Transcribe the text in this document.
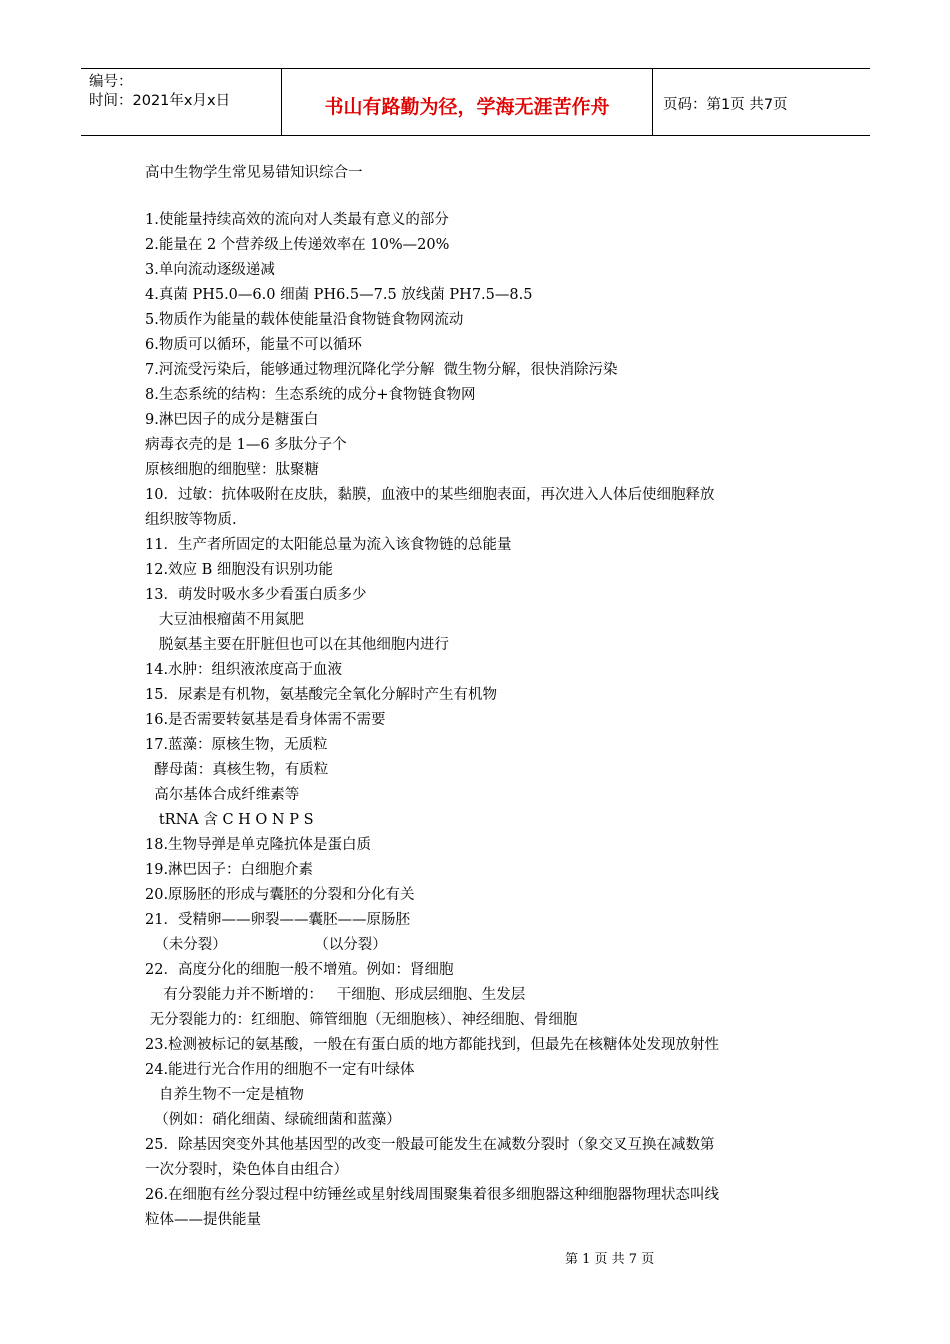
编号：
时间：2021年x月x日	书山有路勤为径，学海无涯苦作舟	页码：第1页 共7页
高中生物学生常见易错知识综合一
1.使能量持续高效的流向对人类最有意义的部分
2.能量在 2 个营养级上传递效率在 10%—20%
3.单向流动逐级递减
4.真菌 PH5.0—6.0 细菌 PH6.5—7.5 放线菌 PH7.5—8.5
5.物质作为能量的载体使能量沿食物链食物网流动
6.物质可以循环，能量不可以循环
7.河流受污染后，能够通过物理沉降化学分解  微生物分解，很快消除污染
8.生态系统的结构：生态系统的成分+食物链食物网
9.淋巴因子的成分是糖蛋白
病毒衣壳的是 1—6 多肽分子个
原核细胞的细胞壁：肽聚糖
10．过敏：抗体吸附在皮肤，黏膜，血液中的某些细胞表面，再次进入人体后使细胞释放
组织胺等物质.
11．生产者所固定的太阳能总量为流入该食物链的总能量
12.效应 B 细胞没有识别功能
13．萌发时吸水多少看蛋白质多少
大豆油根瘤菌不用氮肥
脱氨基主要在肝脏但也可以在其他细胞内进行
14.水肿：组织液浓度高于血液
15．尿素是有机物，氨基酸完全氧化分解时产生有机物
16.是否需要转氨基是看身体需不需要
17.蓝藻：原核生物，无质粒
酵母菌：真核生物，有质粒
高尔基体合成纤维素等
tRNA 含 C H O N P S
18.生物导弹是单克隆抗体是蛋白质
19.淋巴因子：白细胞介素
20.原肠胚的形成与囊胚的分裂和分化有关
21．受精卵——卵裂——囊胚——原肠胚
（未分裂）                   （以分裂）
22．高度分化的细胞一般不增殖。例如：肾细胞
有分裂能力并不断增的：   干细胞、形成层细胞、生发层
无分裂能力的：红细胞、筛管细胞（无细胞核）、神经细胞、骨细胞
23.检测被标记的氨基酸，一般在有蛋白质的地方都能找到，但最先在核糖体处发现放射性
24.能进行光合作用的细胞不一定有叶绿体
自养生物不一定是植物
（例如：硝化细菌、绿硫细菌和蓝藻）
25．除基因突变外其他基因型的改变一般最可能发生在减数分裂时（象交叉互换在减数第
一次分裂时，染色体自由组合）
26.在细胞有丝分裂过程中纺锤丝或星射线周围聚集着很多细胞器这种细胞器物理状态叫线
粒体——提供能量
第 1 页 共 7 页
